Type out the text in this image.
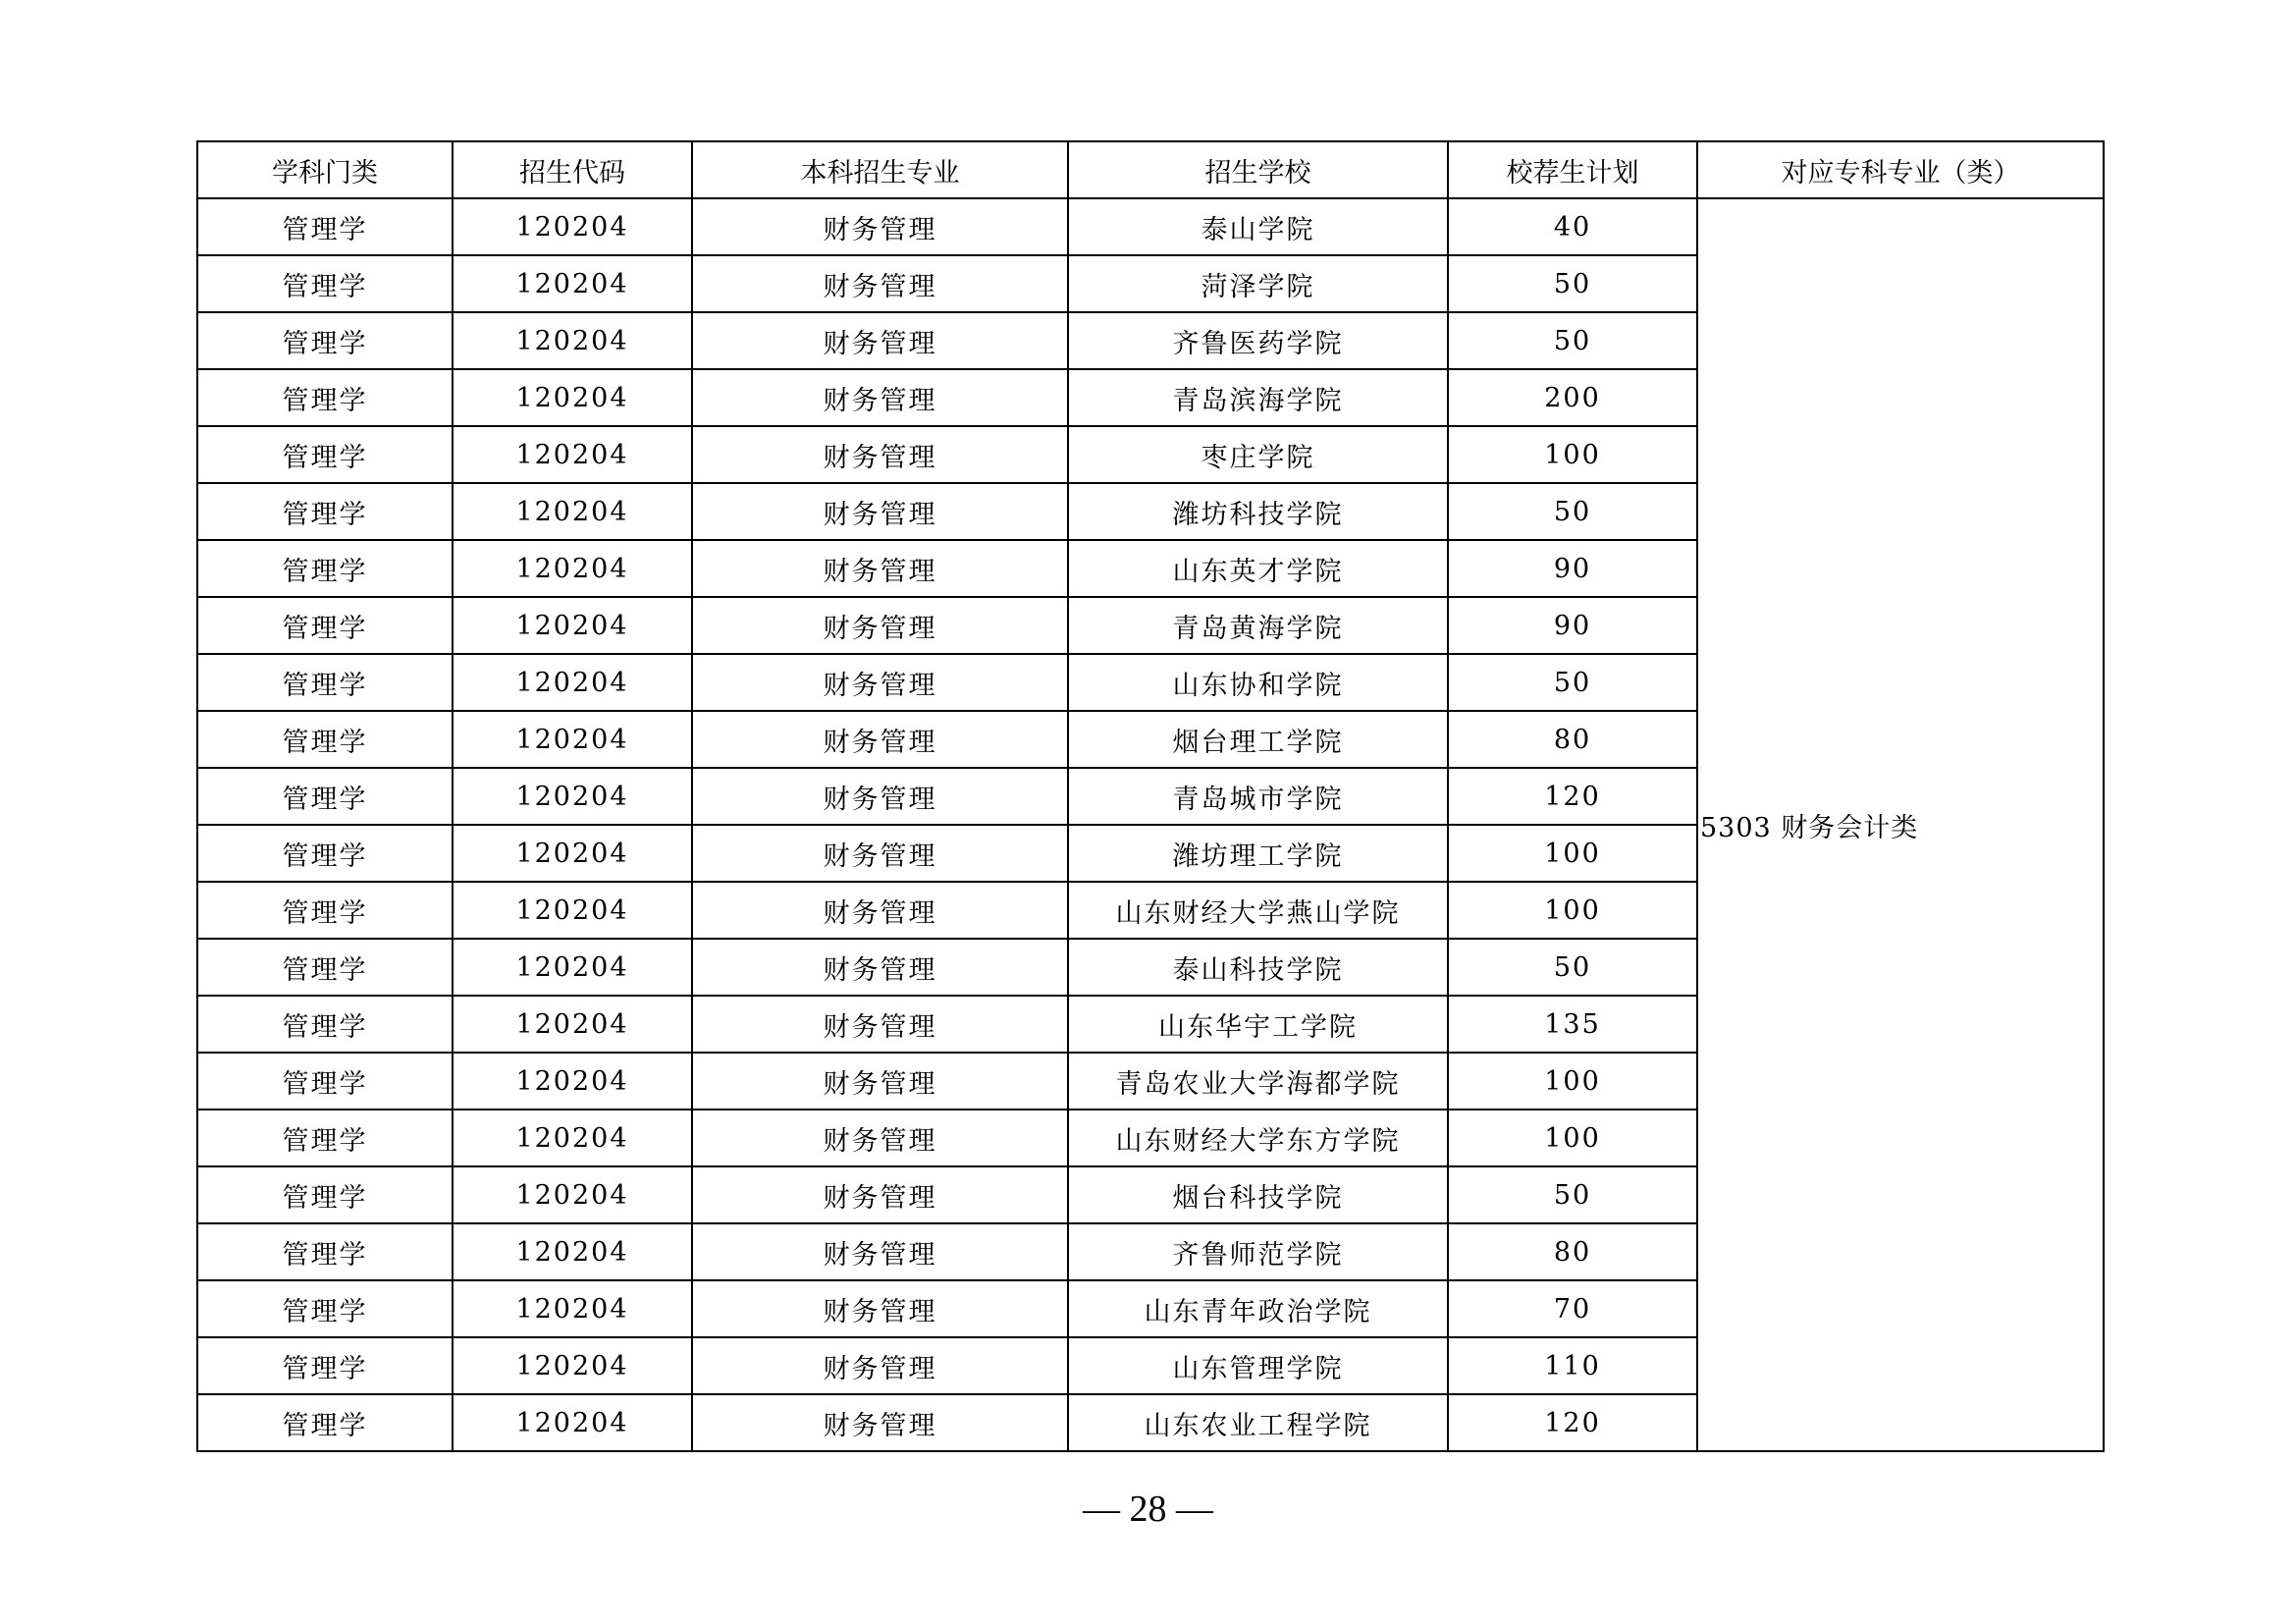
学科门类	招生代码	本科招生专业	招生学校	校荐生计划	对应专科专业（类）
管理学	120204	财务管理	泰山学院	40	5303 财务会计类
管理学	120204	财务管理	菏泽学院	50	
管理学	120204	财务管理	齐鲁医药学院	50	
管理学	120204	财务管理	青岛滨海学院	200	
管理学	120204	财务管理	枣庄学院	100	
管理学	120204	财务管理	潍坊科技学院	50	
管理学	120204	财务管理	山东英才学院	90	
管理学	120204	财务管理	青岛黄海学院	90	
管理学	120204	财务管理	山东协和学院	50	
管理学	120204	财务管理	烟台理工学院	80	
管理学	120204	财务管理	青岛城市学院	120	
管理学	120204	财务管理	潍坊理工学院	100	
管理学	120204	财务管理	山东财经大学燕山学院	100	
管理学	120204	财务管理	泰山科技学院	50	
管理学	120204	财务管理	山东华宇工学院	135	
管理学	120204	财务管理	青岛农业大学海都学院	100	
管理学	120204	财务管理	山东财经大学东方学院	100	
管理学	120204	财务管理	烟台科技学院	50	
管理学	120204	财务管理	齐鲁师范学院	80	
管理学	120204	财务管理	山东青年政治学院	70	
管理学	120204	财务管理	山东管理学院	110	
管理学	120204	财务管理	山东农业工程学院	120	
— 28 —
